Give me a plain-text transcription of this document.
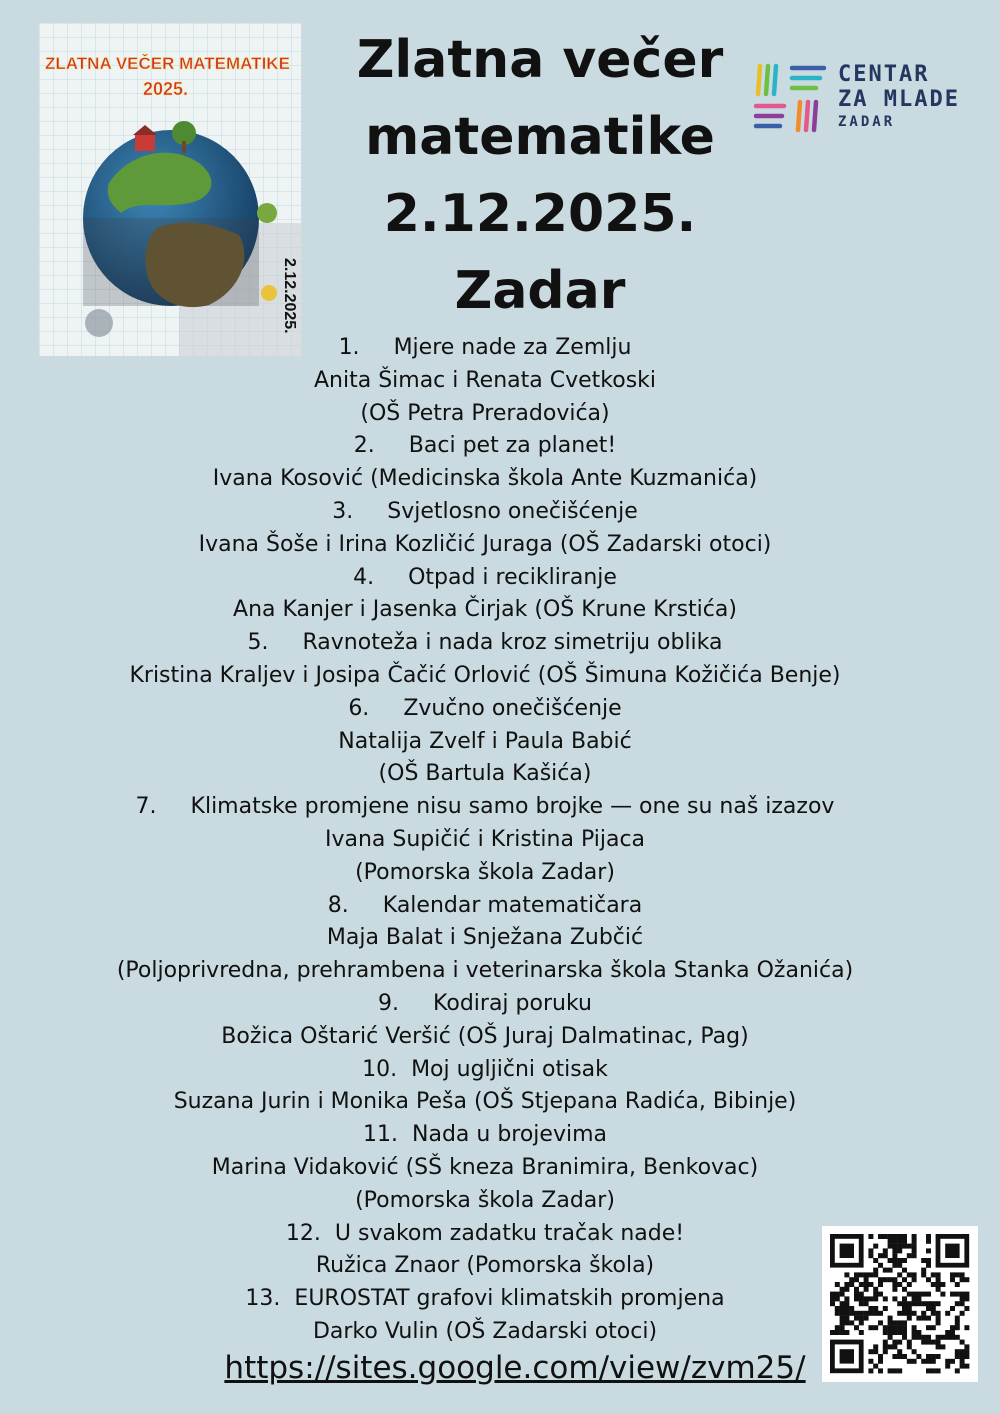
ZLATNA VEČER MATEMATIKE
2025.
2.12.2025.
Zlatna večer
matematike
2.12.2025.
Zadar
CENTAR
ZA MLADE
ZADAR
1. Mjere nade za Zemlju
Anita Šimac i Renata Cvetkoski
(OŠ Petra Preradovića)
2. Baci pet za planet!
Ivana Kosović (Medicinska škola Ante Kuzmanića)
3. Svjetlosno onečišćenje
Ivana Šoše i Irina Kozličić Juraga (OŠ Zadarski otoci)
4. Otpad i recikliranje
Ana Kanjer i Jasenka Čirjak (OŠ Krune Krstića)
5. Ravnoteža i nada kroz simetriju oblika
Kristina Kraljev i Josipa Čačić Orlović (OŠ Šimuna Kožičića Benje)
6. Zvučno onečišćenje
Natalija Zvelf i Paula Babić
(OŠ Bartula Kašića)
7. Klimatske promjene nisu samo brojke — one su naš izazov
Ivana Supičić i Kristina Pijaca
(Pomorska škola Zadar)
8. Kalendar matematičara
Maja Balat i Snježana Zubčić
(Poljoprivredna, prehrambena i veterinarska škola Stanka Ožanića)
9. Kodiraj poruku
Božica Oštarić Veršić (OŠ Juraj Dalmatinac, Pag)
10. Moj ugljični otisak
Suzana Jurin i Monika Peša (OŠ Stjepana Radića, Bibinje)
11. Nada u brojevima
Marina Vidaković (SŠ kneza Branimira, Benkovac)
(Pomorska škola Zadar)
12. U svakom zadatku tračak nade!
Ružica Znaor (Pomorska škola)
13. EUROSTAT grafovi klimatskih promjena
Darko Vulin (OŠ Zadarski otoci)
https://sites.google.com/view/zvm25/
